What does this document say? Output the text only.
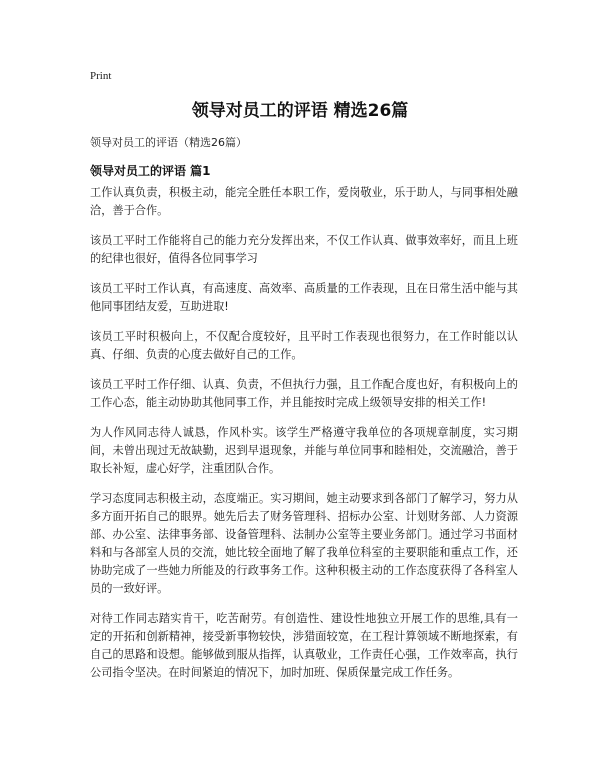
Print
领导对员工的评语 精选26篇
领导对员工的评语（精选26篇）
领导对员工的评语 篇1

工作认真负责，积极主动，能完全胜任本职工作，爱岗敬业，乐于助人，与同事相处融洽，善于合作。

该员工平时工作能将自己的能力充分发挥出来，不仅工作认真、做事效率好，而且上班的纪律也很好，值得各位同事学习

该员工平时工作认真，有高速度、高效率、高质量的工作表现，且在日常生活中能与其他同事团结友爱，互助进取!

该员工平时积极向上，不仅配合度较好，且平时工作表现也很努力，在工作时能以认真、仔细、负责的心度去做好自己的工作。

该员工平时工作仔细、认真、负责，不但执行力强，且工作配合度也好，有积极向上的工作心态，能主动协助其他同事工作，并且能按时完成上级领导安排的相关工作!

为人作风同志待人诚恳，作风朴实。该学生严格遵守我单位的各项规章制度，实习期间，未曾出现过无故缺勤，迟到早退现象，并能与单位同事和睦相处，交流融洽，善于取长补短，虚心好学，注重团队合作。

学习态度同志积极主动，态度端正。实习期间，她主动要求到各部门了解学习，努力从多方面开拓自己的眼界。她先后去了财务管理科、招标办公室、计划财务部、人力资源部、办公室、法律事务部、设备管理科、法制办公室等主要业务部门。通过学习书面材料和与各部室人员的交流，她比较全面地了解了我单位科室的主要职能和重点工作，还协助完成了一些她力所能及的行政事务工作。这种积极主动的工作态度获得了各科室人员的一致好评。

对待工作同志踏实肯干，吃苦耐劳。有创造性、建设性地独立开展工作的思维,具有一定的开拓和创新精神，接受新事物较快，涉猎面较宽，在工程计算领域不断地探索，有自己的思路和设想。能够做到服从指挥，认真敬业，工作责任心强，工作效率高，执行公司指令坚决。在时间紧迫的情况下，加时加班、保质保量完成工作任务。
